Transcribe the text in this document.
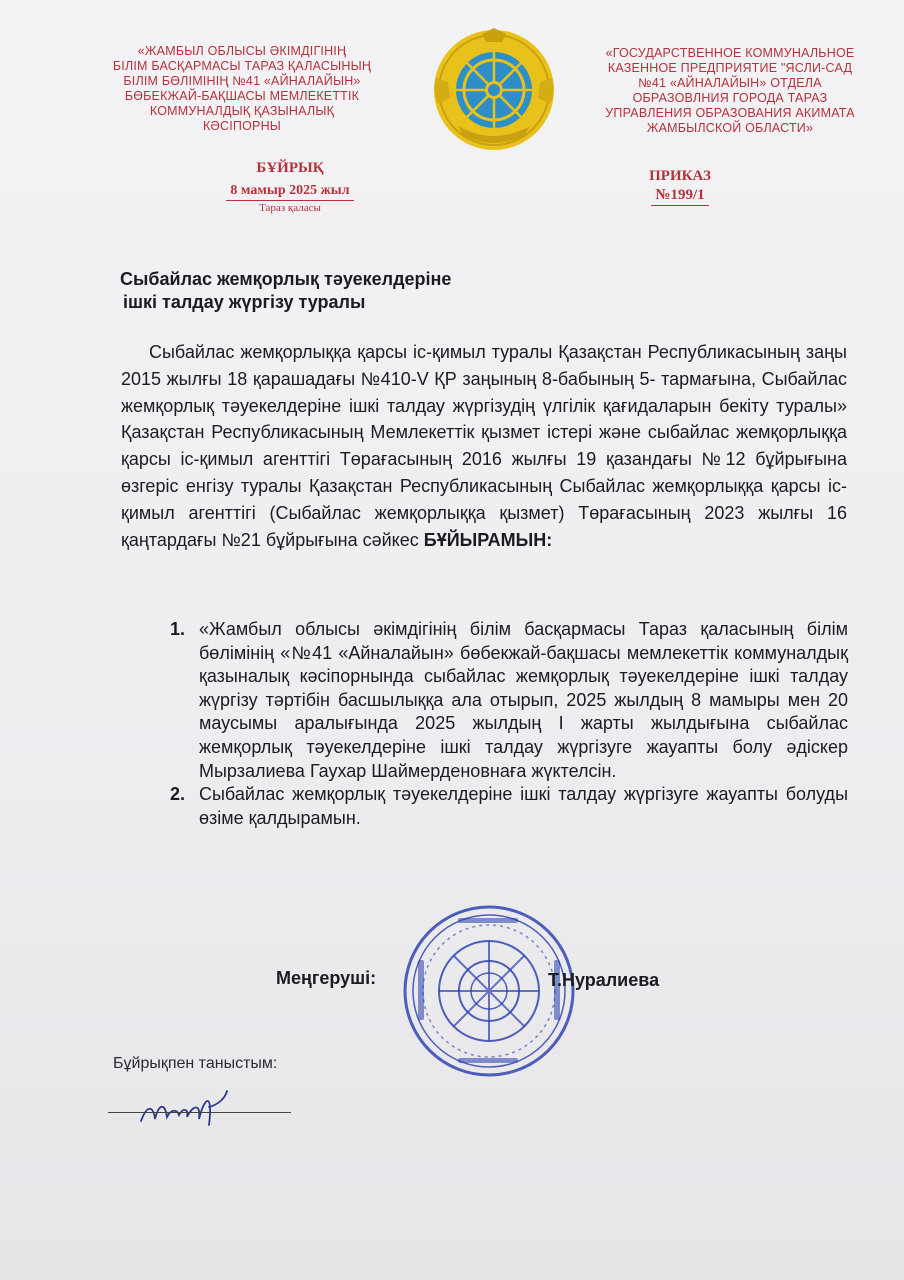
«ЖАМБЫЛ ОБЛЫСЫ ӘКІМДІГІНІҢ
БІЛІМ БАСҚАРМАСЫ ТАРАЗ ҚАЛАСЫНЫҢ
БІЛІМ БӨЛІМІНІҢ №41 «АЙНАЛАЙЫН»
БӨБЕКЖАЙ-БАҚШАСЫ МЕМЛЕКЕТТІК
КОММУНАЛДЫҚ ҚАЗЫНАЛЫҚ
КӘСІПОРНЫ
«ГОСУДАРСТВЕННОЕ КОММУНАЛЬНОЕ
КАЗЕННОЕ ПРЕДПРИЯТИЕ "ЯСЛИ-САД
№41 «АЙНАЛАЙЫН» ОТДЕЛА
ОБРАЗОВЛНИЯ ГОРОДА ТАРАЗ
УПРАВЛЕНИЯ ОБРАЗОВАНИЯ АКИМАТА
ЖАМБЫЛСКОЙ ОБЛАСТИ»
БҰЙРЫҚ
8 мамыр 2025 жыл
Тараз қаласы
ПРИКАЗ
№199/1
Сыбайлас жемқорлық тәуекелдеріне
ішкі талдау жүргізу туралы
Сыбайлас жемқорлыққа қарсы іс-қимыл туралы Қазақстан Республикасының заңы 2015 жылғы 18 қарашадағы №410-V ҚР заңының 8-бабының 5- тармағына, Сыбайлас жемқорлық тәуекелдеріне ішкі талдау жүргізудің үлгілік қағидаларын бекіту туралы» Қазақстан Республикасының Мемлекеттік қызмет істері және сыбайлас жемқорлыққа қарсы іс-қимыл агенттігі Төрағасының 2016 жылғы 19 қазандағы №12 бұйрығына өзгеріс енгізу туралы Қазақстан Республикасының Сыбайлас жемқорлыққа қарсы іс-қимыл агенттігі (Сыбайлас жемқорлыққа қызмет) Төрағасының 2023 жылғы 16 қаңтардағы №21 бұйрығына сәйкес БҰЙЫРАМЫН:
1. «Жамбыл облысы әкімдігінің білім басқармасы Тараз қаласының білім бөлімінің «№41 «Айналайын» бөбекжай-бақшасы мемлекеттік коммуналдық қазыналық кәсіпорнында сыбайлас жемқорлық тәуекелдеріне ішкі талдау жүргізу тәртібін басшылыққа ала отырып, 2025 жылдың 8 мамыры мен 20 маусымы аралығында 2025 жылдың I жарты жылдығына сыбайлас жемқорлық тәуекелдеріне ішкі талдау жүргізуге жауапты болу әдіскер Мырзалиева Гаухар Шаймерденовнаға жүктелсін.
2. Сыбайлас жемқорлық тәуекелдеріне ішкі талдау жүргізуге жауапты болуды өзіме қалдырамын.
Меңгеруші:	Т.Нуралиева
Бұйрықпен таныстым:
